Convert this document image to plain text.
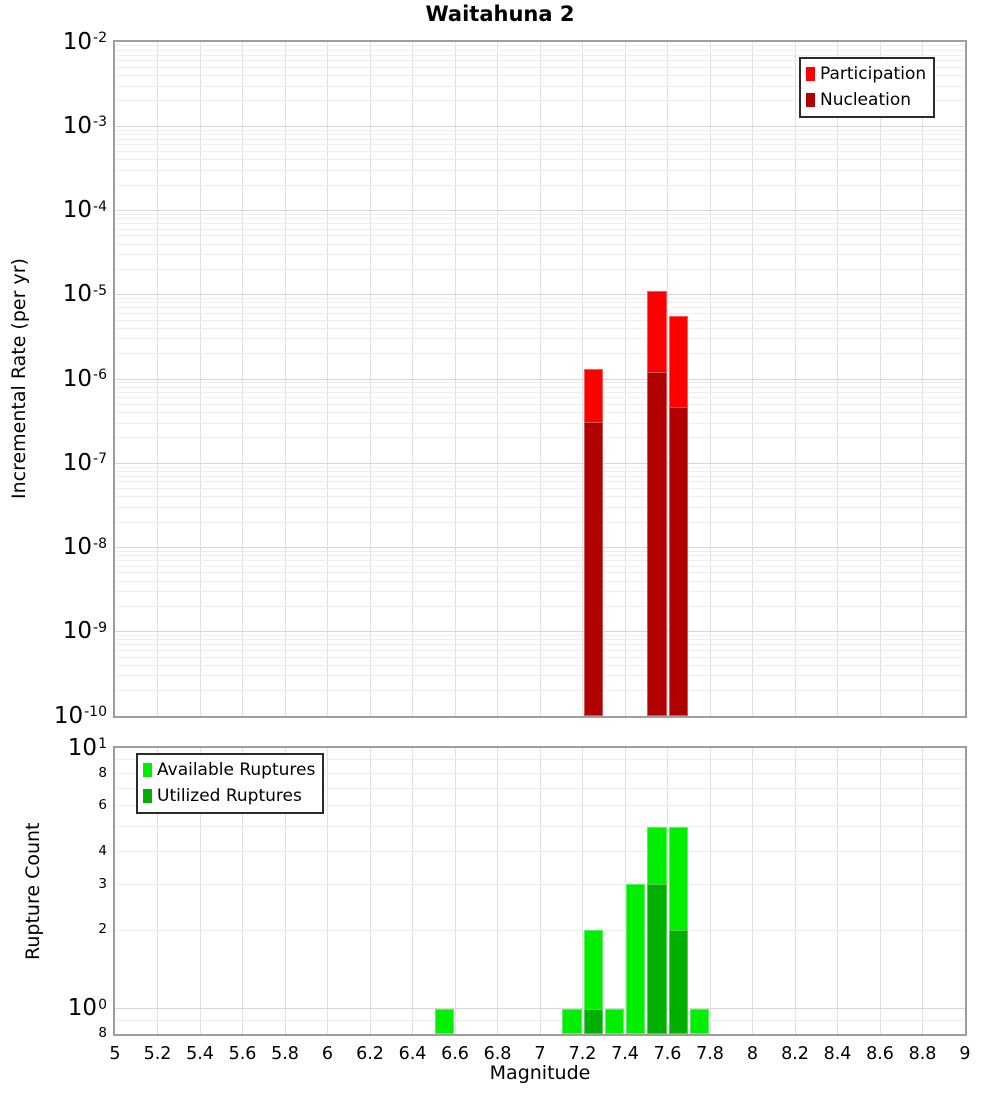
Waitahuna 2
Incremental Rate (per yr)
Rupture Count
10 -2
10 -3
10 -4
10 -5
10 -6
10 -7
10 -8
10 -9
10 -10
10 1
8
6
4
3
2
10 0
8
5	5.2 5.4 5.6 5.8	6	6.2 6.4 6.6 6.8	7	7.2 7.4 7.6 7.8	8	8.2 8.4 8.6 8.8	9
Magnitude
Participation
Nucleation
Available Ruptures
Utilized Ruptures
